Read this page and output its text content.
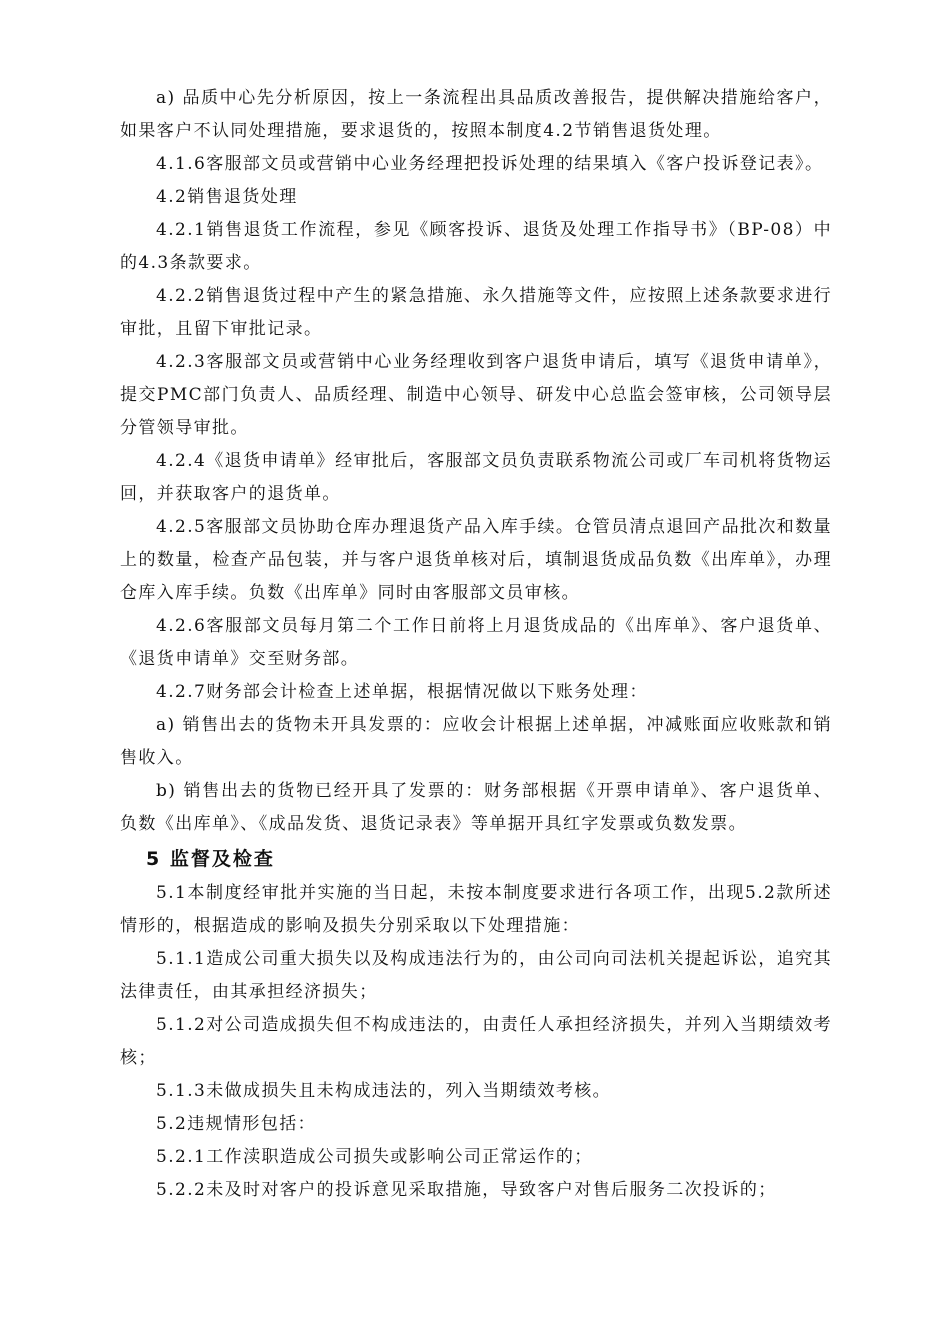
a) 品质中心先分析原因，按上一条流程出具品质改善报告，提供解决措施给客户，如果客户不认同处理措施，要求退货的，按照本制度4.2节销售退货处理。

4.1.6客服部文员或营销中心业务经理把投诉处理的结果填入《客户投诉登记表》。

4.2销售退货处理

4.2.1销售退货工作流程，参见《顾客投诉、退货及处理工作指导书》（BP-08）中的4.3条款要求。

4.2.2销售退货过程中产生的紧急措施、永久措施等文件，应按照上述条款要求进行审批，且留下审批记录。

4.2.3客服部文员或营销中心业务经理收到客户退货申请后，填写《退货申请单》，提交PMC部门负责人、品质经理、制造中心领导、研发中心总监会签审核，公司领导层分管领导审批。

4.2.4《退货申请单》经审批后，客服部文员负责联系物流公司或厂车司机将货物运回，并获取客户的退货单。

4.2.5客服部文员协助仓库办理退货产品入库手续。仓管员清点退回产品批次和数量上的数量，检查产品包装，并与客户退货单核对后，填制退货成品负数《出库单》，办理仓库入库手续。负数《出库单》同时由客服部文员审核。

4.2.6客服部文员每月第二个工作日前将上月退货成品的《出库单》、客户退货单、《退货申请单》交至财务部。

4.2.7财务部会计检查上述单据，根据情况做以下账务处理：

a) 销售出去的货物未开具发票的：应收会计根据上述单据，冲减账面应收账款和销售收入。

b) 销售出去的货物已经开具了发票的：财务部根据《开票申请单》、客户退货单、负数《出库单》、《成品发货、退货记录表》等单据开具红字发票或负数发票。

5 监督及检查

5.1本制度经审批并实施的当日起，未按本制度要求进行各项工作，出现5.2款所述情形的，根据造成的影响及损失分别采取以下处理措施：

5.1.1造成公司重大损失以及构成违法行为的，由公司向司法机关提起诉讼，追究其法律责任，由其承担经济损失；

5.1.2对公司造成损失但不构成违法的，由责任人承担经济损失，并列入当期绩效考核；

5.1.3未做成损失且未构成违法的，列入当期绩效考核。

5.2违规情形包括：

5.2.1工作渎职造成公司损失或影响公司正常运作的；

5.2.2未及时对客户的投诉意见采取措施，导致客户对售后服务二次投诉的；
